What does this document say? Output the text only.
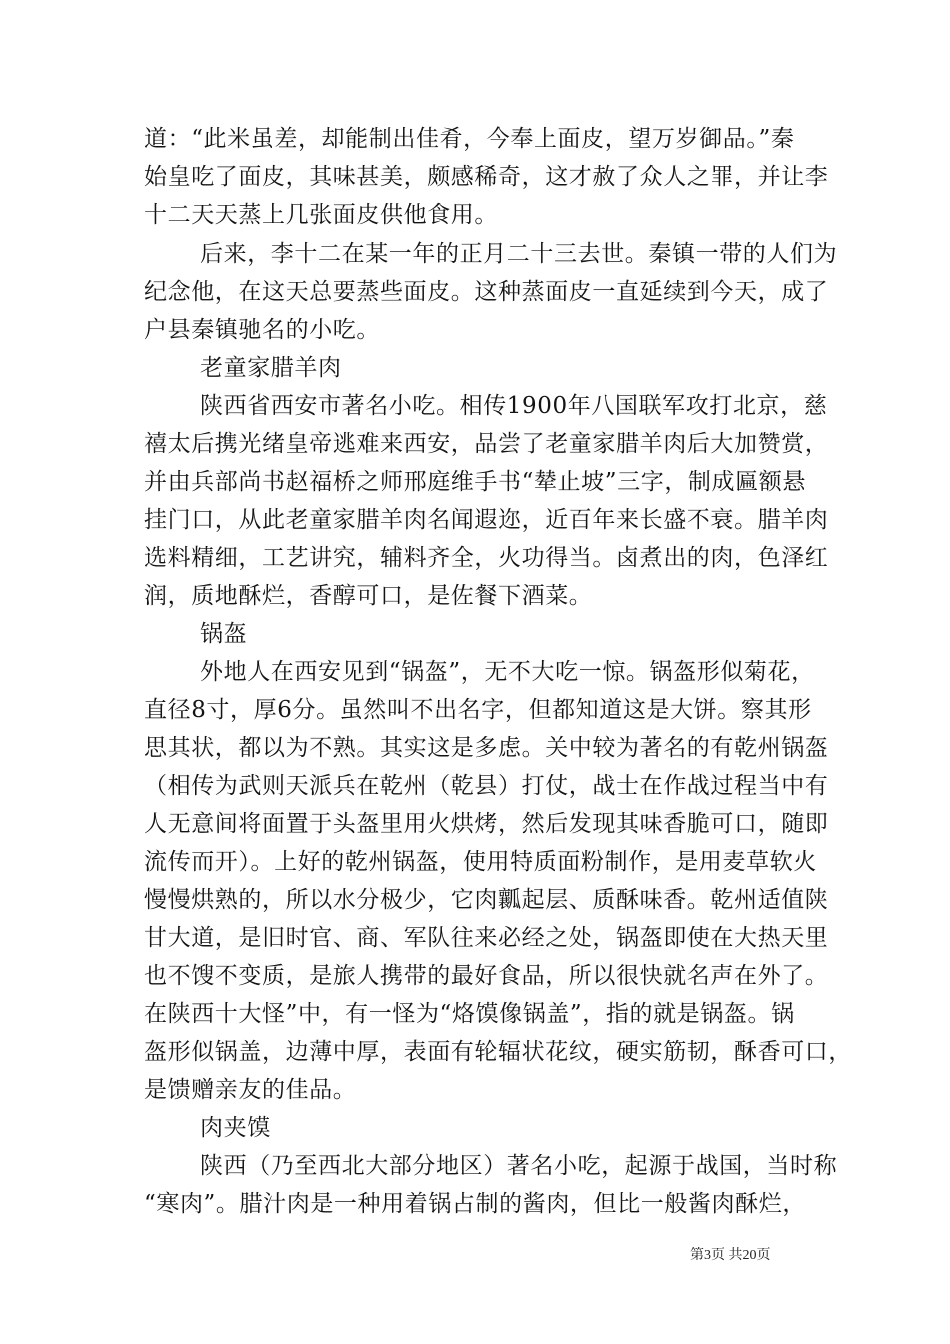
道：“此米虽差，却能制出佳肴，今奉上面皮，望万岁御品。”秦
始皇吃了面皮，其味甚美，颇感稀奇，这才赦了众人之罪，并让李
十二天天蒸上几张面皮供他食用。
后来，李十二在某一年的正月二十三去世。秦镇一带的人们为
纪念他，在这天总要蒸些面皮。这种蒸面皮一直延续到今天，成了
户县秦镇驰名的小吃。
老童家腊羊肉
陕西省西安市著名小吃。相传1900年八国联军攻打北京，慈
禧太后携光绪皇帝逃难来西安，品尝了老童家腊羊肉后大加赞赏，
并由兵部尚书赵福桥之师邢庭维手书“辇止坡”三字，制成匾额悬
挂门口，从此老童家腊羊肉名闻遐迩，近百年来长盛不衰。腊羊肉
选料精细，工艺讲究，辅料齐全，火功得当。卤煮出的肉，色泽红
润，质地酥烂，香醇可口，是佐餐下酒菜。
锅盔
外地人在西安见到“锅盔”，无不大吃一惊。锅盔形似菊花，
直径8寸，厚6分。虽然叫不出名字，但都知道这是大饼。察其形
思其状，都以为不熟。其实这是多虑。关中较为著名的有乾州锅盔
（相传为武则天派兵在乾州（乾县）打仗，战士在作战过程当中有
人无意间将面置于头盔里用火烘烤，然后发现其味香脆可口，随即
流传而开）。上好的乾州锅盔，使用特质面粉制作，是用麦草软火
慢慢烘熟的，所以水分极少，它肉瓤起层、质酥味香。乾州适值陕
甘大道，是旧时官、商、军队往来必经之处，锅盔即使在大热天里
也不馊不变质，是旅人携带的最好食品，所以很快就名声在外了。
在陕西十大怪”中，有一怪为“烙馍像锅盖”，指的就是锅盔。锅
盔形似锅盖，边薄中厚，表面有轮辐状花纹，硬实筋韧，酥香可口，
是馈赠亲友的佳品。
肉夹馍
陕西（乃至西北大部分地区）著名小吃，起源于战国，当时称
“寒肉”。腊汁肉是一种用着锅占制的酱肉，但比一般酱肉酥烂，
第3页 共20页
